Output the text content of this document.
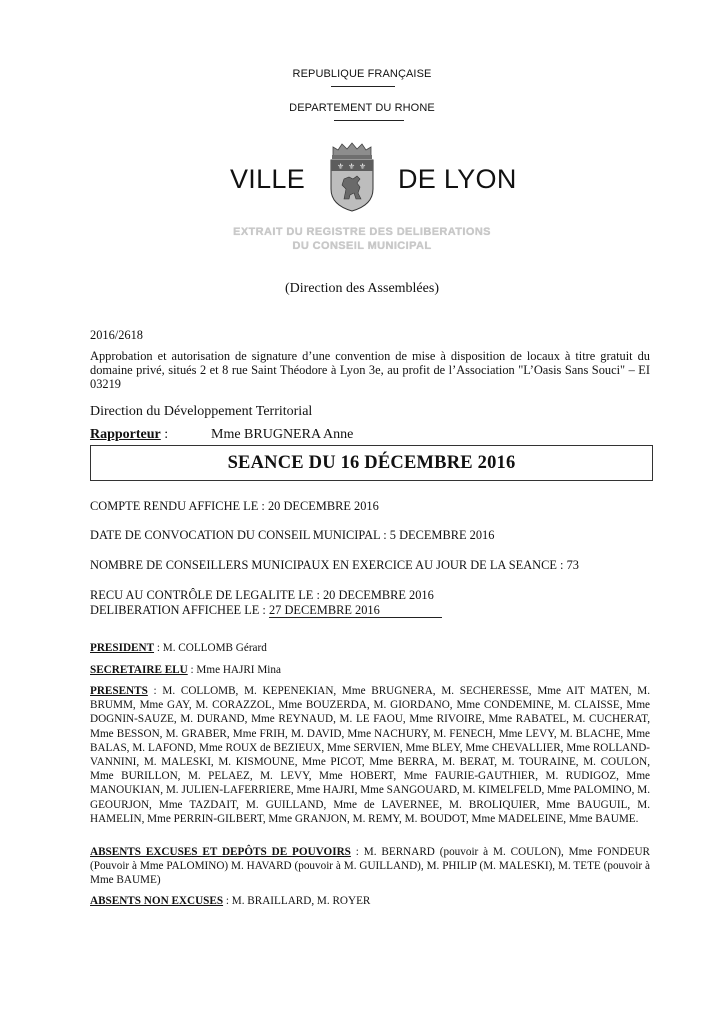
REPUBLIQUE FRANÇAISE
DEPARTEMENT DU RHONE
VILLE	DE LYON
⚜ ⚜ ⚜
EXTRAIT DU REGISTRE DES DELIBERATIONS
DU CONSEIL MUNICIPAL
(Direction des Assemblées)
2016/2618
Approbation et autorisation de signature d’une convention de mise à disposition de locaux à titre gratuit du domaine privé, situés 2 et 8 rue Saint Théodore à Lyon 3e, au profit de l’Association "L’Oasis Sans Souci" – EI 03219
Direction du Développement Territorial
Rapporteur :	Mme BRUGNERA Anne
SEANCE DU 16 DÉCEMBRE 2016
COMPTE RENDU AFFICHE LE : 20 DECEMBRE 2016
DATE DE CONVOCATION DU CONSEIL MUNICIPAL : 5 DECEMBRE 2016
NOMBRE DE CONSEILLERS MUNICIPAUX EN EXERCICE AU JOUR DE LA SEANCE : 73
RECU AU CONTRÔLE DE LEGALITE LE : 20 DECEMBRE 2016
DELIBERATION AFFICHEE LE : 27 DECEMBRE 2016
PRESIDENT : M. COLLOMB Gérard
SECRETAIRE ELU : Mme HAJRI Mina
PRESENTS : M. COLLOMB, M. KEPENEKIAN, Mme BRUGNERA, M. SECHERESSE, Mme AIT MATEN, M. BRUMM, Mme GAY, M. CORAZZOL, Mme BOUZERDA, M. GIORDANO, Mme CONDEMINE, M. CLAISSE, Mme DOGNIN-SAUZE, M. DURAND, Mme REYNAUD, M. LE FAOU, Mme RIVOIRE, Mme RABATEL, M. CUCHERAT, Mme BESSON, M. GRABER, Mme FRIH, M. DAVID, Mme NACHURY, M. FENECH, Mme LEVY, M. BLACHE, Mme BALAS, M. LAFOND, Mme ROUX de BEZIEUX, Mme SERVIEN, Mme BLEY, Mme CHEVALLIER, Mme ROLLAND-VANNINI, M. MALESKI, M. KISMOUNE, Mme PICOT, Mme BERRA, M. BERAT, M. TOURAINE, M. COULON, Mme BURILLON, M. PELAEZ, M. LEVY, Mme HOBERT, Mme FAURIE-GAUTHIER, M. RUDIGOZ, Mme MANOUKIAN, M. JULIEN-LAFERRIERE, Mme HAJRI, Mme SANGOUARD, M. KIMELFELD, Mme PALOMINO, M. GEOURJON, Mme TAZDAIT, M. GUILLAND, Mme de LAVERNEE, M. BROLIQUIER, Mme BAUGUIL, M. HAMELIN, Mme PERRIN-GILBERT, Mme GRANJON, M. REMY, M. BOUDOT, Mme MADELEINE, Mme BAUME.
ABSENTS EXCUSES ET DEPÔTS DE POUVOIRS : M. BERNARD (pouvoir à M. COULON), Mme FONDEUR (Pouvoir à Mme PALOMINO) M. HAVARD (pouvoir à M. GUILLAND), M. PHILIP (M. MALESKI), M. TETE (pouvoir à Mme BAUME)
ABSENTS NON EXCUSES : M. BRAILLARD, M. ROYER
